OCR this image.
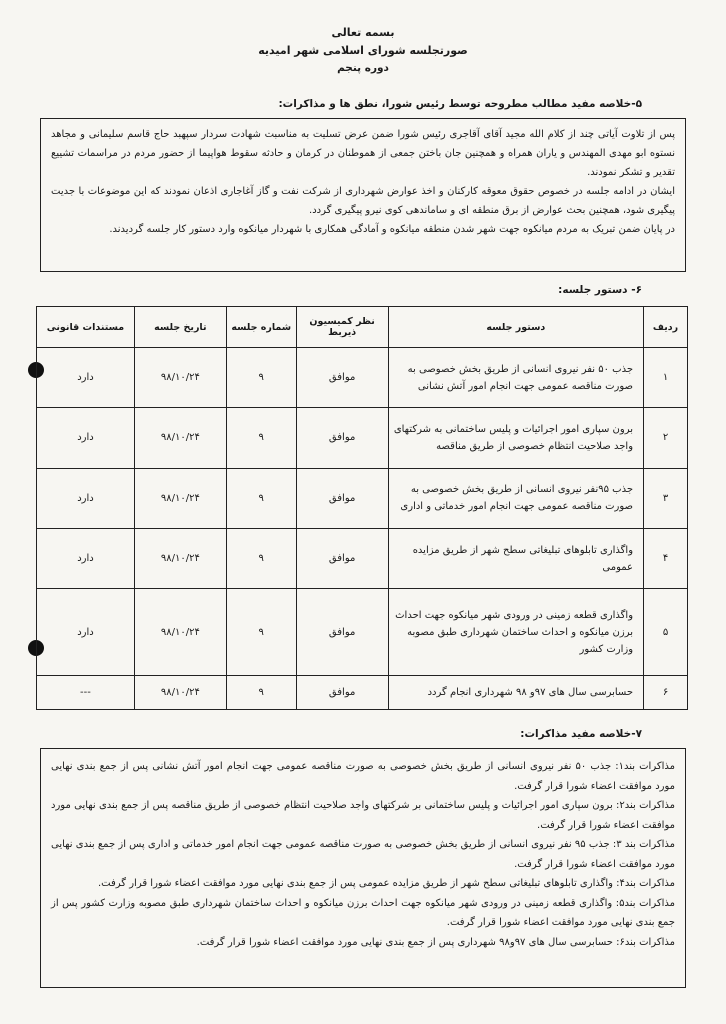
بسمه تعالی
صورتجلسه شورای اسلامی شهر امیدیه
دوره پنجم
۵-خلاصه مفید مطالب مطروحه توسط رئیس شورا، نطق ها و مذاکرات:

پس از تلاوت آیاتی چند از کلام الله مجید آقای آقاجری رئیس شورا ضمن عرض تسلیت به مناسبت شهادت سردار سپهبد حاج قاسم سلیمانی و مجاهد نستوه ابو مهدی المهندس و یاران همراه و همچنین جان باختن جمعی از هموطنان در کرمان و حادثه سقوط هواپیما از حضور مردم در مراسمات تشییع تقدیر و تشکر نمودند.

ایشان در ادامه جلسه در خصوص حقوق معوقه کارکنان و اخذ عوارض شهرداری از شرکت نفت و گاز آغاجاری اذعان نمودند که این موضوعات با جدیت پیگیری شود، همچنین بحث عوارض از برق منطقه ای و ساماندهی کوی نیرو پیگیری گردد.

در پایان ضمن تبریک به مردم میانکوه جهت شهر شدن منطقه میانکوه و آمادگی همکاری با شهردار میانکوه وارد دستور کار جلسه گردیدند.

۶- دستور جلسه:
ردیف	دستور جلسه	نظر کمیسیون ذیربط	شماره جلسه	تاریخ جلسه	مستندات قانونی
۱	جذب ۵۰ نفر نیروی انسانی از طریق بخش خصوصی به صورت مناقصه عمومی جهت انجام امور آتش نشانی	موافق	۹	۹۸/۱۰/۲۴	دارد
۲	برون سپاری امور اجرائیات و پلیس ساختمانی به شرکتهای واجد صلاحیت انتظام خصوصی از طریق مناقصه	موافق	۹	۹۸/۱۰/۲۴	دارد
۳	جذب ۹۵نفر نیروی انسانی از طریق بخش خصوصی به صورت مناقصه عمومی جهت انجام امور خدماتی و اداری	موافق	۹	۹۸/۱۰/۲۴	دارد
۴	واگذاری تابلوهای تبلیغاتی سطح شهر از طریق مزایده عمومی	موافق	۹	۹۸/۱۰/۲۴	دارد
۵	واگذاری قطعه زمینی در ورودی شهر میانکوه جهت احداث برزن میانکوه و احداث ساختمان شهرداری طبق مصوبه وزارت کشور	موافق	۹	۹۸/۱۰/۲۴	دارد
۶	حسابرسی سال های ۹۷و ۹۸ شهرداری انجام گردد	موافق	۹	۹۸/۱۰/۲۴	---
۷-خلاصه مفید مذاکرات:

مذاکرات بند۱: جذب ۵۰ نفر نیروی انسانی از طریق بخش خصوصی به صورت مناقصه عمومی جهت انجام امور آتش نشانی پس از جمع بندی نهایی مورد موافقت اعضاء شورا قرار گرفت.

مذاکرات بند۲: برون سپاری امور اجرائیات و پلیس ساختمانی بر شرکتهای واجد صلاحیت انتظام خصوصی از طریق مناقصه پس از جمع بندی نهایی مورد موافقت اعضاء شورا قرار گرفت.

مذاکرات بند ۳: جذب ۹۵ نفر نیروی انسانی از طریق بخش خصوصی به صورت مناقصه عمومی جهت انجام امور خدماتی و اداری پس از جمع بندی نهایی مورد موافقت اعضاء شورا قرار گرفت.

مذاکرات بند۴: واگذاری تابلوهای تبلیغاتی سطح شهر از طریق مزایده عمومی پس از جمع بندی نهایی مورد موافقت اعضاء شورا قرار گرفت.

مذاکرات بند۵: واگذاری قطعه زمینی در ورودی شهر میانکوه جهت احداث برزن میانکوه و احداث ساختمان شهرداری طبق مصوبه وزارت کشور پس از جمع بندی نهایی مورد موافقت اعضاء شورا قرار گرفت.

مذاکرات بند۶: حسابرسی سال های ۹۷و۹۸ شهرداری پس از جمع بندی نهایی مورد موافقت اعضاء شورا قرار گرفت.
